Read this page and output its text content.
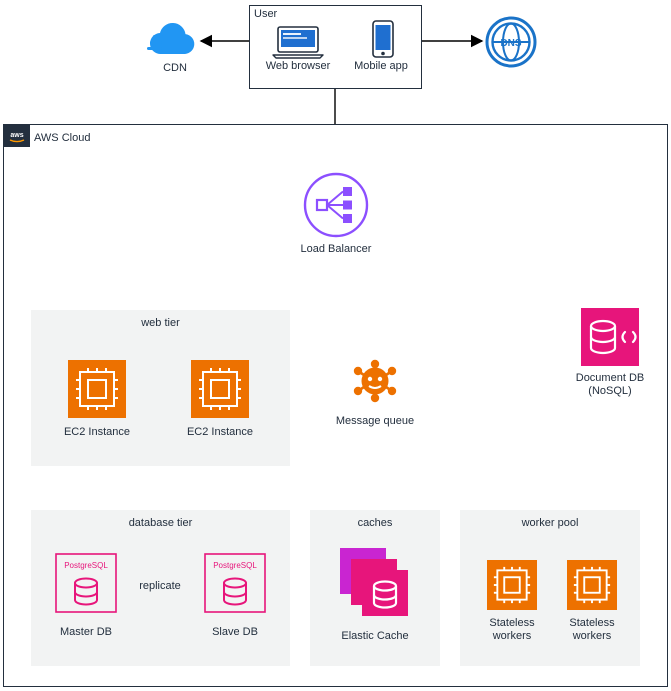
User
Web browser	Mobile app
CDN
DNS
aws AWS Cloud
Load Balancer
web tier
EC2 Instance	EC2 Instance
Message queue
Document DB
(NoSQL)
database tier
PostgreSQL
Master DB
PostgreSQL
Slave DB
replicate
caches
Elastic Cache
worker pool
Stateless
workers
Stateless
workers
